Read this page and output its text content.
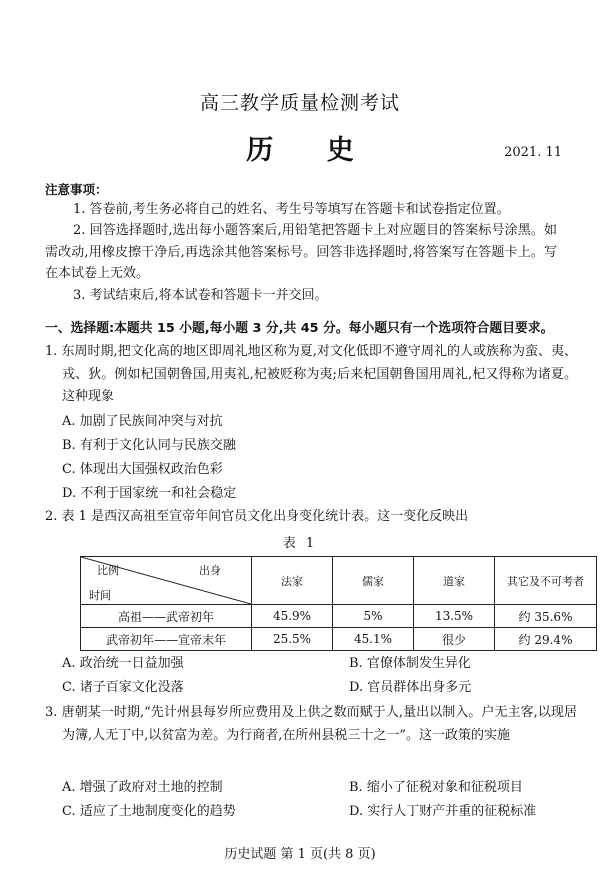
高三教学质量检测考试
历 史	2021. 11
注意事项：
1. 答卷前,考生务必将自己的姓名、考生号等填写在答题卡和试卷指定位置。
2. 回答选择题时,选出每小题答案后,用铅笔把答题卡上对应题目的答案标号涂黑。如需改动,用橡皮擦干净后,再选涂其他答案标号。回答非选择题时,将答案写在答题卡上。写在本试卷上无效。
3. 考试结束后,将本试卷和答题卡一并交回。
一、选择题:本题共 15 小题,每小题 3 分,共 45 分。每小题只有一个选项符合题目要求。
1. 东周时期,把文化高的地区即周礼地区称为夏,对文化低即不遵守周礼的人或族称为蛮、夷、戎、狄。例如杞国朝鲁国,用夷礼,杞被贬称为夷;后来杞国朝鲁国用周礼,杞又得称为诸夏。这种现象
A. 加剧了民族间冲突与对抗
B. 有利于文化认同与民族交融
C. 体现出大国强权政治色彩
D. 不利于国家统一和社会稳定
2. 表 1 是西汉高祖至宣帝年间官员文化出身变化统计表。这一变化反映出
表 1
比例 出身
时间	法家	儒家	道家	其它及不可考者
高祖——武帝初年	45.9%	5%	13.5%	约 35.6%
武帝初年——宣帝末年	25.5%	45.1%	很少	约 29.4%
A. 政治统一日益加强	B. 官僚体制发生异化
C. 诸子百家文化没落	D. 官员群体出身多元
3. 唐朝某一时期,“先计州县每岁所应费用及上供之数而赋于人,量出以制入。户无主客,以现居为簿,人无丁中,以贫富为差。为行商者,在所州县税三十之一”。这一政策的实施
A. 增强了政府对土地的控制	B. 缩小了征税对象和征税项目
C. 适应了土地制度变化的趋势	D. 实行人丁财产并重的征税标准
历史试题 第 1 页(共 8 页)
